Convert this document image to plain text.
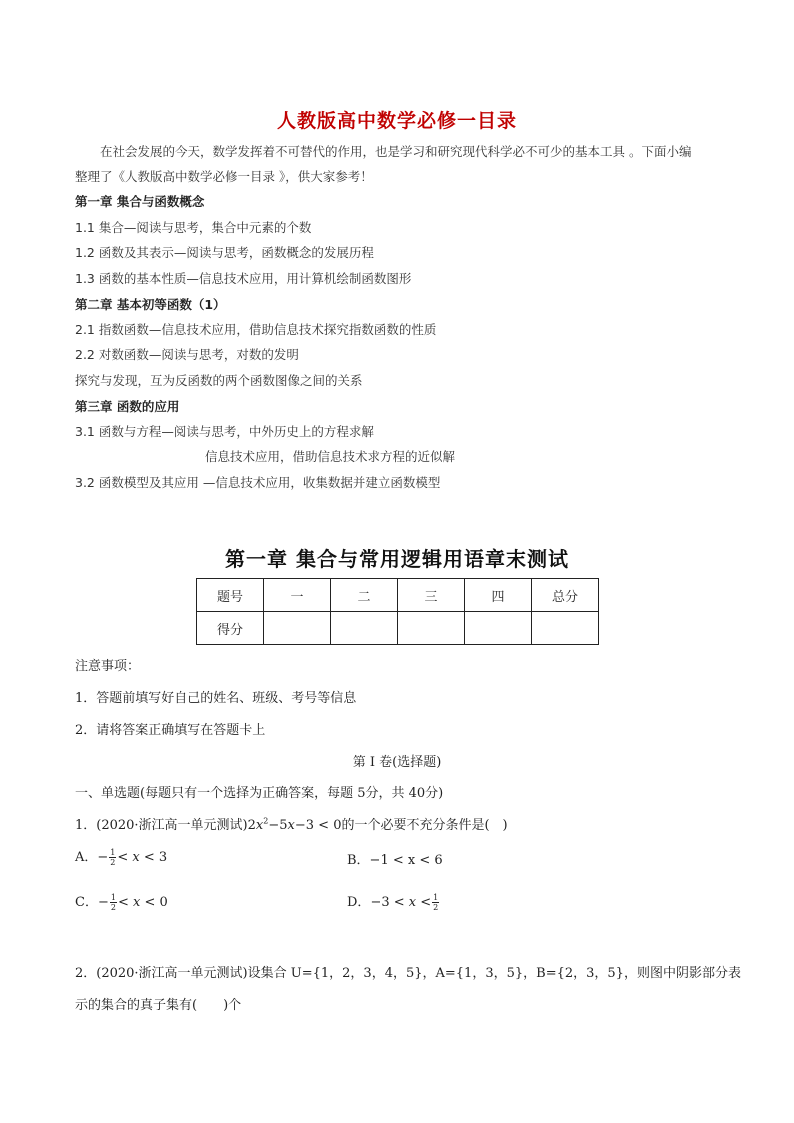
人教版高中数学必修一目录
在社会发展的今天，数学发挥着不可替代的作用，也是学习和研究现代科学必不可少的基本工具 。下面小编
整理了《人教版高中数学必修一目录 》，供大家参考！
第一章 集合与函数概念
1.1 集合—阅读与思考，集合中元素的个数
1.2 函数及其表示—阅读与思考，函数概念的发展历程
1.3 函数的基本性质—信息技术应用，用计算机绘制函数图形
第二章 基本初等函数（1）
2.1 指数函数—信息技术应用，借助信息技术探究指数函数的性质
2.2 对数函数—阅读与思考，对数的发明
探究与发现，互为反函数的两个函数图像之间的关系
第三章 函数的应用
3.1 函数与方程—阅读与思考，中外历史上的方程求解
信息技术应用，借助信息技术求方程的近似解
3.2 函数模型及其应用 —信息技术应用，收集数据并建立函数模型
第一章 集合与常用逻辑用语章末测试
题号	一	二	三	四	总分
得分					
注意事项：
1．答题前填写好自己的姓名、班级、考号等信息
2．请将答案正确填写在答题卡上
第 I 卷(选择题)
一、单选题(每题只有一个选择为正确答案，每题 5分，共 40分)
1．(2020·浙江高一单元测试)$2x^2-5x-3 < 0$的一个必要不充分条件是(　)
A．− $\frac{1}{2} < x < 3$	B．−1 < x < 6
C．− $\frac{1}{2} < x < 0$	D．$-3 < x < \frac{1}{2}$
2．(2020·浙江高一单元测试)设集合 U={1，2，3，4，5}，A={1，3，5}，B={2，3，5}，则图中阴影部分表
示的集合的真子集有(　　)个
